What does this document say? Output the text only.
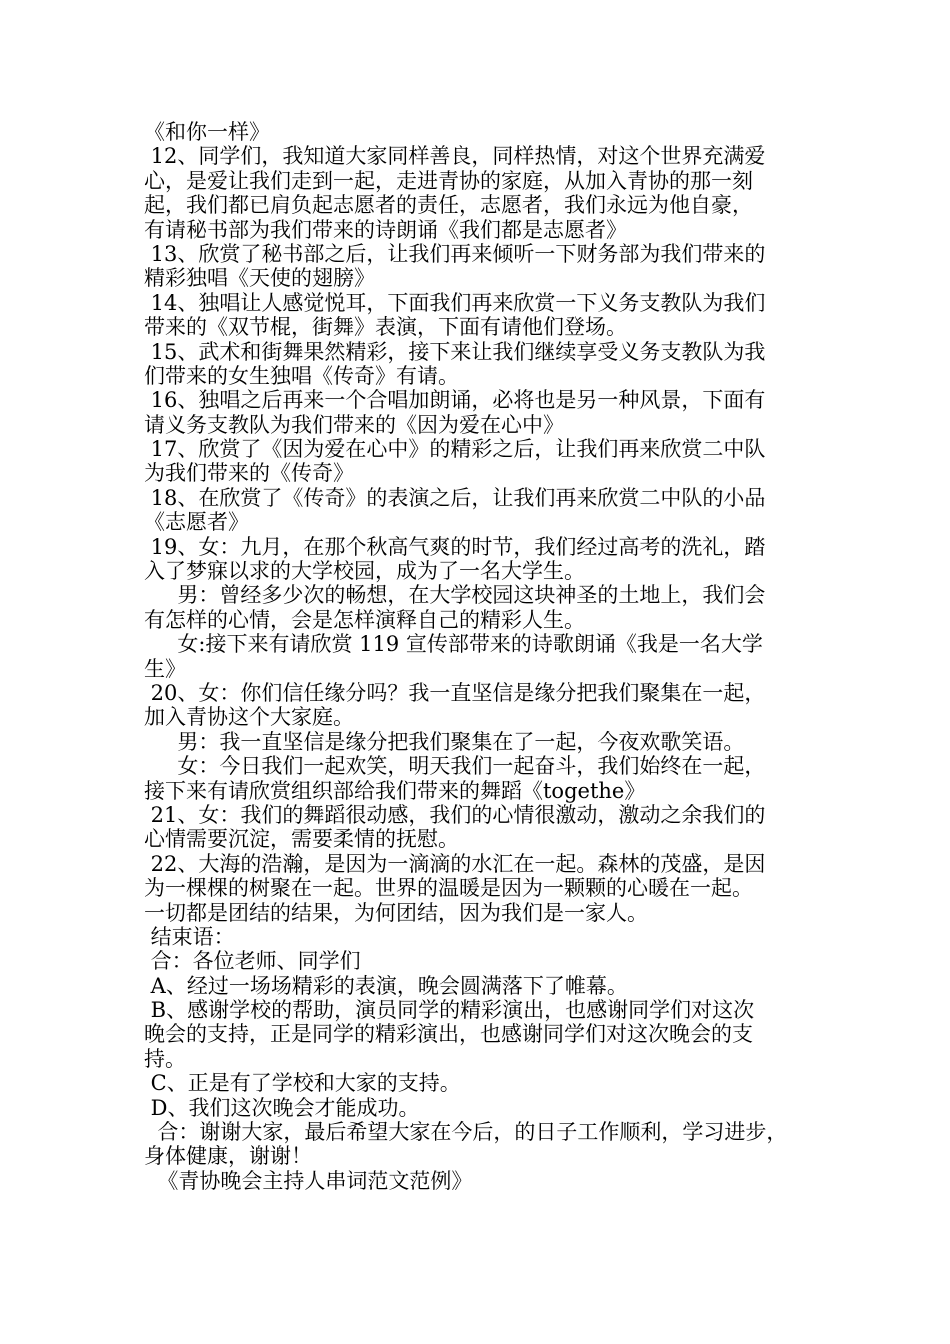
《和你一样》
12、同学们，我知道大家同样善良，同样热情，对这个世界充满爱
心，是爱让我们走到一起，走进青协的家庭，从加入青协的那一刻
起，我们都已肩负起志愿者的责任，志愿者，我们永远为他自豪，
有请秘书部为我们带来的诗朗诵《我们都是志愿者》
13、欣赏了秘书部之后，让我们再来倾听一下财务部为我们带来的
精彩独唱《天使的翅膀》
14、独唱让人感觉悦耳，下面我们再来欣赏一下义务支教队为我们
带来的《双节棍，街舞》表演，下面有请他们登场。
15、武术和街舞果然精彩，接下来让我们继续享受义务支教队为我
们带来的女生独唱《传奇》有请。
16、独唱之后再来一个合唱加朗诵，必将也是另一种风景，下面有
请义务支教队为我们带来的《因为爱在心中》
17、欣赏了《因为爱在心中》的精彩之后，让我们再来欣赏二中队
为我们带来的《传奇》
18、在欣赏了《传奇》的表演之后，让我们再来欣赏二中队的小品
《志愿者》
19、女：九月，在那个秋高气爽的时节，我们经过高考的洗礼，踏
入了梦寐以求的大学校园，成为了一名大学生。
男：曾经多少次的畅想，在大学校园这块神圣的土地上，我们会
有怎样的心情，会是怎样演释自己的精彩人生。
女:接下来有请欣赏 119 宣传部带来的诗歌朗诵《我是一名大学
生》
20、女：你们信任缘分吗？我一直坚信是缘分把我们聚集在一起，
加入青协这个大家庭。
男：我一直坚信是缘分把我们聚集在了一起，今夜欢歌笑语。
女：今日我们一起欢笑，明天我们一起奋斗，我们始终在一起，
接下来有请欣赏组织部给我们带来的舞蹈《togethe》
21、女：我们的舞蹈很动感，我们的心情很激动，激动之余我们的
心情需要沉淀，需要柔情的抚慰。
22、大海的浩瀚，是因为一滴滴的水汇在一起。森林的茂盛，是因
为一棵棵的树聚在一起。世界的温暖是因为一颗颗的心暖在一起。
一切都是团结的结果，为何团结，因为我们是一家人。
结束语：
合：各位老师、同学们
A、经过一场场精彩的表演，晚会圆满落下了帷幕。
B、感谢学校的帮助，演员同学的精彩演出，也感谢同学们对这次
晚会的支持，正是同学的精彩演出，也感谢同学们对这次晚会的支
持。
C、正是有了学校和大家的支持。
D、我们这次晚会才能成功。
合：谢谢大家，最后希望大家在今后，的日子工作顺利，学习进步，
身体健康，谢谢！
《青协晚会主持人串词范文范例》
